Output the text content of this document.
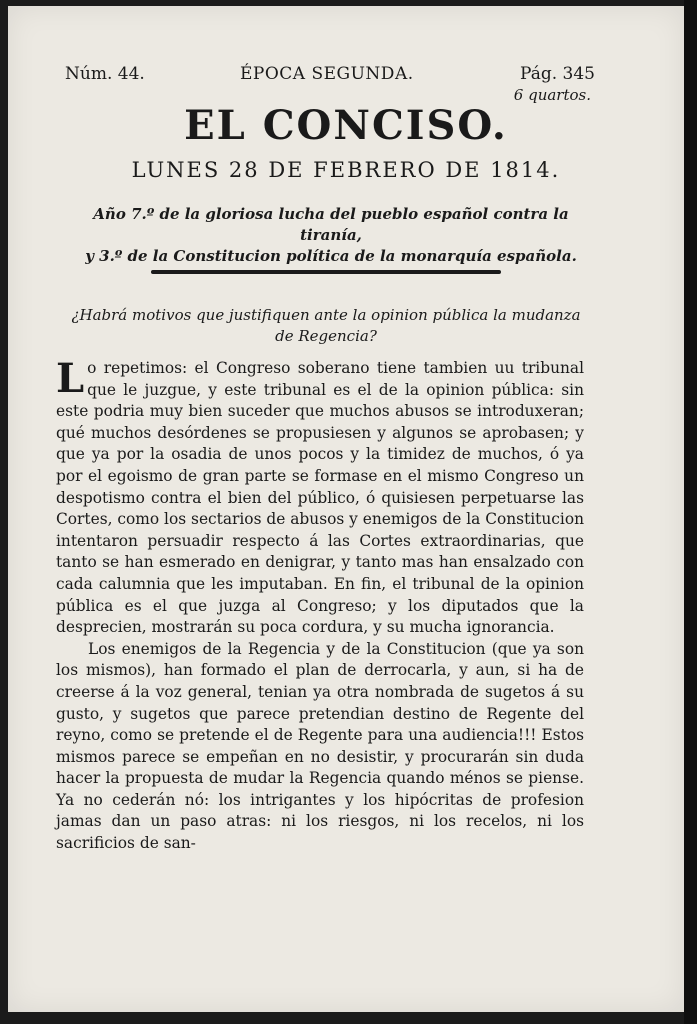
Núm. 44.	ÉPOCA SEGUNDA.	Pág. 345
6 quartos.
EL CONCISO.
LUNES 28 DE FEBRERO DE 1814.
Año 7.º de la gloriosa lucha del pueblo español contra la tiranía,
y 3.º de la Constitucion política de la monarquía española.
¿Habrá motivos que justifiquen ante la opinion pública la mudanza de Regencia?

Lo repetimos: el Congreso soberano tiene tambien uu tribunal que le juzgue, y este tribunal es el de la opinion pública: sin este podria muy bien suceder que muchos abusos se introduxeran; qué muchos desórdenes se propusiesen y algunos se aprobasen; y que ya por la osadia de unos pocos y la timidez de muchos, ó ya por el egoismo de gran parte se formase en el mismo Congreso un despotismo contra el bien del público, ó quisiesen perpetuarse las Cortes, como los sectarios de abusos y enemigos de la Constitucion intentaron persuadir respecto á las Cortes extraordinarias, que tanto se han esmerado en denigrar, y tanto mas han ensalzado con cada calumnia que les imputaban. En fin, el tribunal de la opinion pública es el que juzga al Congreso; y los diputados que la desprecien, mostrarán su poca cordura, y su mucha ignorancia.

Los enemigos de la Regencia y de la Constitucion (que ya son los mismos), han formado el plan de derrocarla, y aun, si ha de creerse á la voz general, tenian ya otra nombrada de sugetos á su gusto, y sugetos que parece pretendian destino de Regente del reyno, como se pretende el de Regente para una audiencia!!! Estos mismos parece se empeñan en no desistir, y procurarán sin duda hacer la propuesta de mudar la Regencia quando ménos se piense. Ya no cederán nó: los intrigantes y los hipócritas de profesion jamas dan un paso atras: ni los riesgos, ni los recelos, ni los sacrificios de san-
